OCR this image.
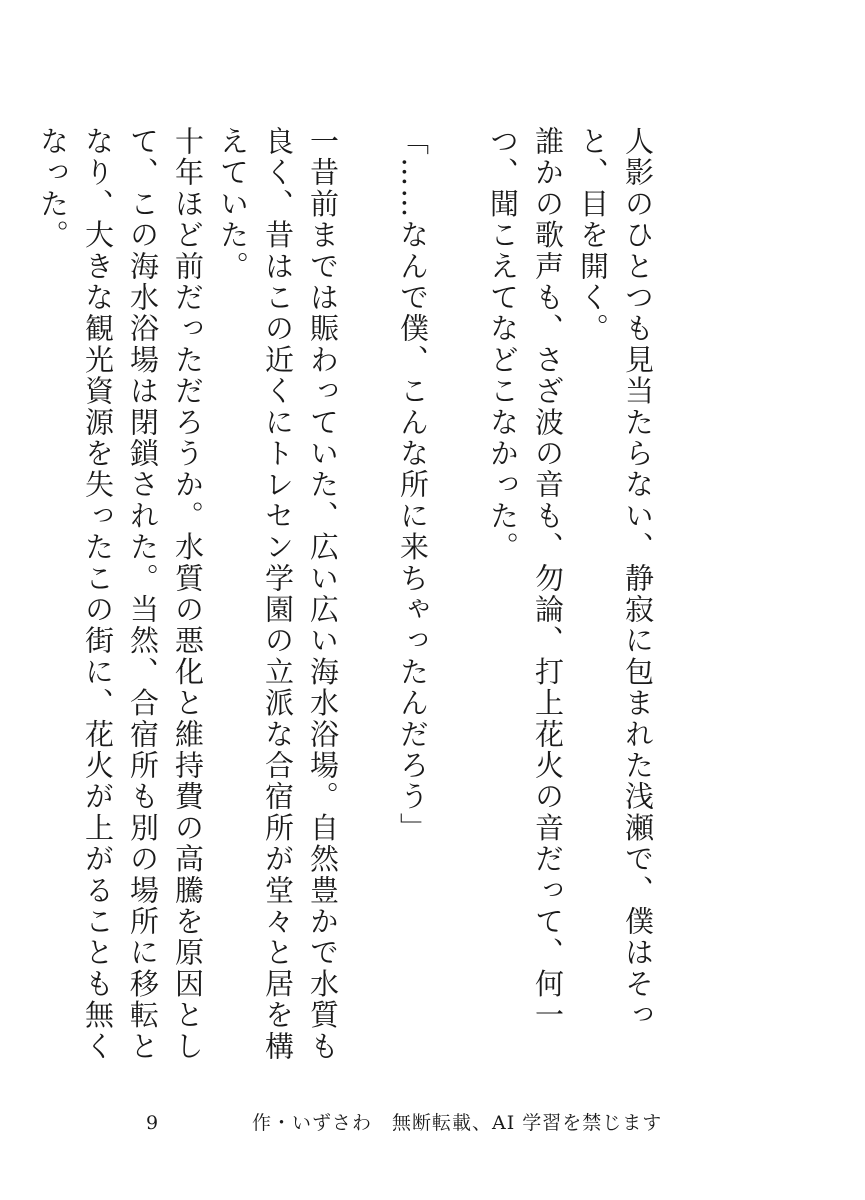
人影のひとつも見当たらない、静寂に包まれた浅瀬で、僕はそっと、目を開く。

誰かの歌声も、さざ波の音も、勿論、打上花火の音だって、何一つ、聞こえてなどこなかった。

「……なんで僕、こんな所に来ちゃったんだろう」

一昔前までは賑わっていた、広い広い海水浴場。自然豊かで水質も良く、昔はこの近くにトレセン学園の立派な合宿所が堂々と居を構えていた。

十年ほど前だっただろうか。水質の悪化と維持費の高騰を原因として、この海水浴場は閉鎖された。当然、合宿所も別の場所に移転となり、大きな観光資源を失ったこの街に、花火が上がることも無くなった。

9	作・いずさわ　無断転載、AI 学習を禁じます
